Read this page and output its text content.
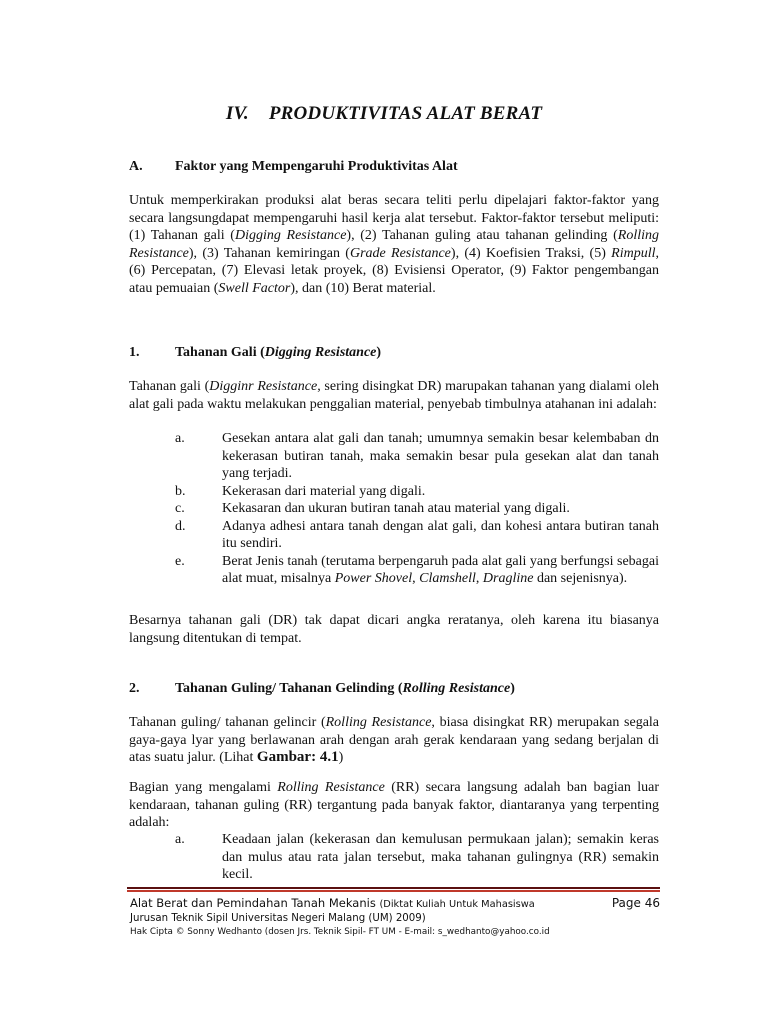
IV. PRODUKTIVITAS ALAT BERAT
A. Faktor yang Mempengaruhi Produktivitas Alat
Untuk memperkirakan produksi alat beras secara teliti perlu dipelajari faktor-faktor yang secara langsungdapat mempengaruhi hasil kerja alat tersebut. Faktor-faktor tersebut meliputi: (1) Tahanan gali (Digging Resistance), (2) Tahanan guling atau tahanan gelinding (Rolling Resistance), (3) Tahanan kemiringan (Grade Resistance), (4) Koefisien Traksi, (5) Rimpull, (6) Percepatan, (7) Elevasi letak proyek, (8) Evisiensi Operator, (9) Faktor pengembangan atau pemuaian (Swell Factor), dan (10) Berat material.
1.	Tahanan Gali (Digging Resistance)
Tahanan gali (Digginr Resistance, sering disingkat DR) marupakan tahanan yang dialami oleh alat gali pada waktu melakukan penggalian material, penyebab timbulnya atahanan ini adalah:
a.	Gesekan antara alat gali dan tanah; umumnya semakin besar kelembaban dn kekerasan butiran tanah, maka semakin besar pula gesekan alat dan tanah yang terjadi.
b.	Kekerasan dari material yang digali.
c.	Kekasaran dan ukuran butiran tanah atau material yang digali.
d.	Adanya adhesi antara tanah dengan alat gali, dan kohesi antara butiran tanah itu sendiri.
e.	Berat Jenis tanah (terutama berpengaruh pada alat gali yang berfungsi sebagai alat muat, misalnya Power Shovel, Clamshell, Dragline dan sejenisnya).
Besarnya tahanan gali (DR) tak dapat dicari angka reratanya, oleh karena itu biasanya langsung ditentukan di tempat.
2.	Tahanan Guling/ Tahanan Gelinding (Rolling Resistance)
Tahanan guling/ tahanan gelincir (Rolling Resistance, biasa disingkat RR) merupakan segala gaya-gaya lyar yang berlawanan arah dengan arah gerak kendaraan yang sedang berjalan di atas suatu jalur. (Lihat Gambar: 4.1)
Bagian yang mengalami Rolling Resistance (RR) secara langsung adalah ban bagian luar kendaraan, tahanan guling (RR) tergantung pada banyak faktor, diantaranya yang terpenting adalah:
a.	Keadaan jalan (kekerasan dan kemulusan permukaan jalan); semakin keras dan mulus atau rata jalan tersebut, maka tahanan gulingnya (RR) semakin kecil.
Alat Berat dan Pemindahan Tanah Mekanis (Diktat Kuliah Untuk Mahasiswa	Page 46
Jurusan Teknik Sipil Universitas Negeri Malang (UM) 2009)
Hak Cipta © Sonny Wedhanto (dosen Jrs. Teknik Sipil- FT UM - E-mail: s_wedhanto@yahoo.co.id
